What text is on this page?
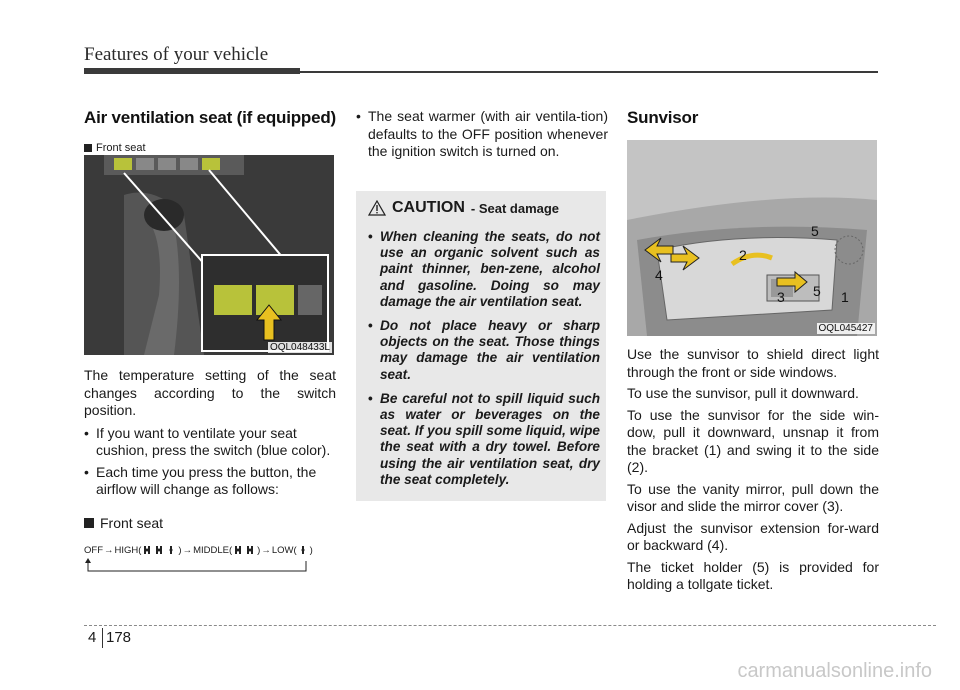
Features of your vehicle
Air ventilation seat (if equipped)
Front seat
OQL048433L

The temperature setting of the seat changes according to the switch position.

• If you want to ventilate your seat cushion, press the switch (blue color).
• Each time you press the button, the airflow will change as follows:
Front seat
OFF → HIGH(	) → MIDDLE(	) → LOW( )
• The seat warmer (with air ventila-tion) defaults to the OFF position whenever the ignition switch is turned on.
CAUTION - Seat damage
• When cleaning the seats, do not use an organic solvent such as paint thinner, ben-zene, alcohol and gasoline. Doing so may damage the air ventilation seat.
• Do not place heavy or sharp objects on the seat. Those things may damage the air ventilation seat.
• Be careful not to spill liquid such as water or beverages on the seat. If you spill some liquid, wipe the seat with a dry towel. Before using the air ventilation seat, dry the seat completely.
Sunvisor
5
2
4
5
3	1
OQL045427

Use the sunvisor to shield direct light through the front or side windows.

To use the sunvisor, pull it downward.

To use the sunvisor for the side win-dow, pull it downward, unsnap it from the bracket (1) and swing it to the side (2).

To use the vanity mirror, pull down the visor and slide the mirror cover (3).

Adjust the sunvisor extension for-ward or backward (4).

The ticket holder (5) is provided for holding a tollgate ticket.

4 178
carmanualsonline.info
